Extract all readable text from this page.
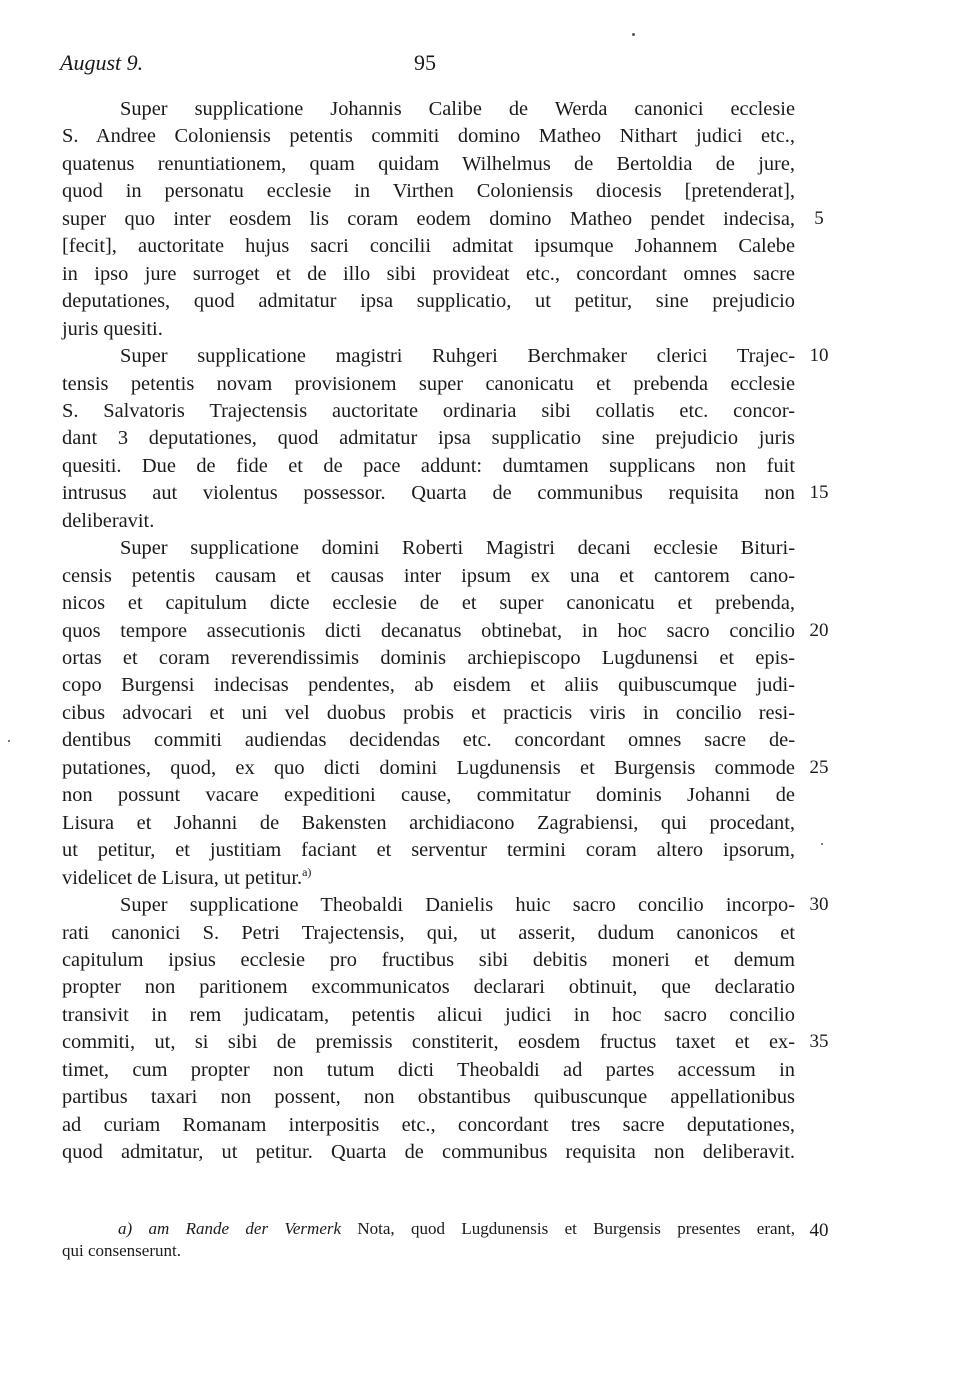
August 9.	95
Super supplicatione Johannis Calibe de Werda canonici ecclesie
S. Andree Coloniensis petentis commiti domino Matheo Nithart judici etc.,
quatenus renuntiationem, quam quidam Wilhelmus de Bertoldia de jure,
quod in personatu ecclesie in Virthen Coloniensis diocesis [pretenderat],
super quo inter eosdem lis coram eodem domino Matheo pendet indecisa,
[fecit], auctoritate hujus sacri concilii admitat ipsumque Johannem Calebe
in ipso jure surroget et de illo sibi provideat etc., concordant omnes sacre
deputationes, quod admitatur ipsa supplicatio, ut petitur, sine prejudicio
juris quesiti.
Super supplicatione magistri Ruhgeri Berchmaker clerici Trajec-
tensis petentis novam provisionem super canonicatu et prebenda ecclesie
S. Salvatoris Trajectensis auctoritate ordinaria sibi collatis etc. concor-
dant 3 deputationes, quod admitatur ipsa supplicatio sine prejudicio juris
quesiti. Due de fide et de pace addunt: dumtamen supplicans non fuit
intrusus aut violentus possessor. Quarta de communibus requisita non
deliberavit.
Super supplicatione domini Roberti Magistri decani ecclesie Bituri-
censis petentis causam et causas inter ipsum ex una et cantorem cano-
nicos et capitulum dicte ecclesie de et super canonicatu et prebenda,
quos tempore assecutionis dicti decanatus obtinebat, in hoc sacro concilio
ortas et coram reverendissimis dominis archiepiscopo Lugdunensi et epis-
copo Burgensi indecisas pendentes, ab eisdem et aliis quibuscumque judi-
cibus advocari et uni vel duobus probis et practicis viris in concilio resi-
dentibus commiti audiendas decidendas etc. concordant omnes sacre de-
putationes, quod, ex quo dicti domini Lugdunensis et Burgensis commode
non possunt vacare expeditioni cause, commitatur dominis Johanni de
Lisura et Johanni de Bakensten archidiacono Zagrabiensi, qui procedant,
ut petitur, et justitiam faciant et serventur termini coram altero ipsorum,
videlicet de Lisura, ut petitur.$^{a)}$
Super supplicatione Theobaldi Danielis huic sacro concilio incorpo-
rati canonici S. Petri Trajectensis, qui, ut asserit, dudum canonicos et
capitulum ipsius ecclesie pro fructibus sibi debitis moneri et demum
propter non paritionem excommunicatos declarari obtinuit, que declaratio
transivit in rem judicatam, petentis alicui judici in hoc sacro concilio
commiti, ut, si sibi de premissis constiterit, eosdem fructus taxet et ex-
timet, cum propter non tutum dicti Theobaldi ad partes accessum in
partibus taxari non possent, non obstantibus quibuscunque appellationibus
ad curiam Romanam interpositis etc., concordant tres sacre deputationes,
quod admitatur, ut petitur. Quarta de communibus requisita non deliberavit.
5
10
15
20
25
30
35
40
a) am Rande der Vermerk Nota, quod Lugdunensis et Burgensis presentes erant,
qui consenserunt.
